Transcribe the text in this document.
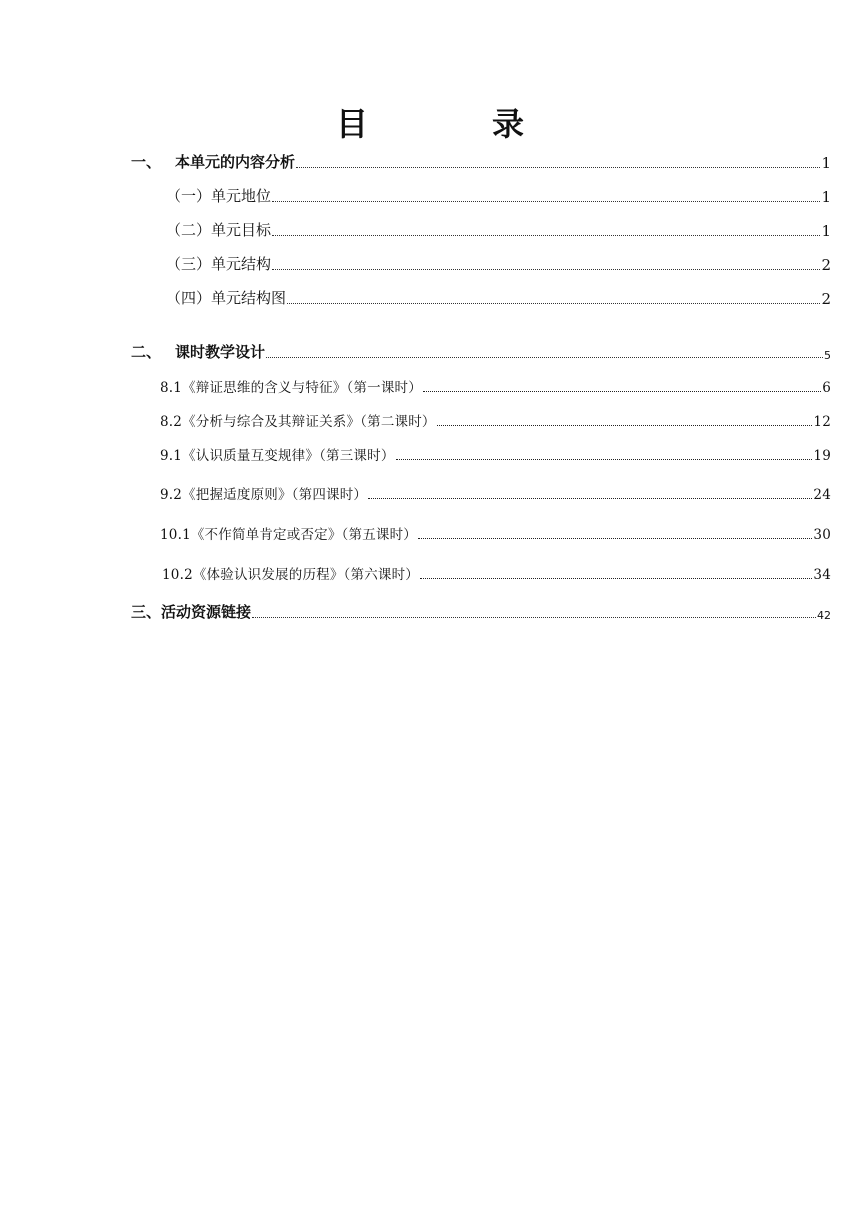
目　录
一、 本单元的内容分析	1
（一）单元地位	1
（二）单元目标	1
（三）单元结构	2
（四）单元结构图	2
二、 课时教学设计	5
8.1《辩证思维的含义与特征》（第一课时）	6
8.2《分析与综合及其辩证关系》（第二课时）	12
9.1《认识质量互变规律》（第三课时）	19
9.2《把握适度原则》（第四课时）	24
10.1《不作简单肯定或否定》（第五课时）	30
10.2《体验认识发展的历程》（第六课时）	34
三、活动资源链接	42
